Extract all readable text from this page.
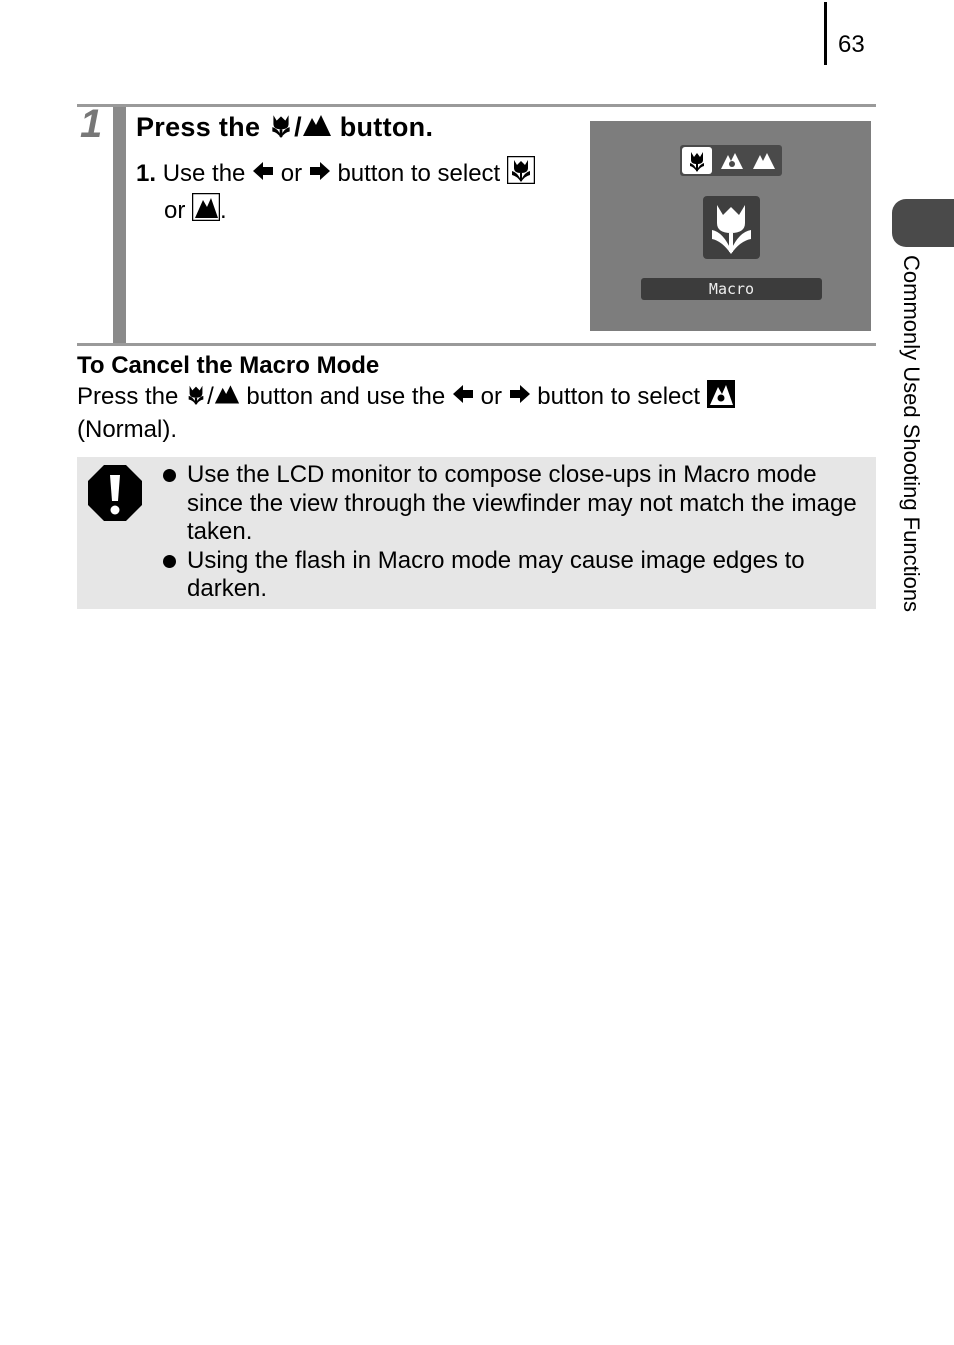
63
Commonly Used Shooting Functions
1 Press the / button.
1. Use the or button to select
or .
Macro
To Cancel the Macro Mode
Press the / button and use the or button to select
(Normal).
Use the LCD monitor to compose close-ups in Macro mode since the view through the viewfinder may not match the image taken.
Using the flash in Macro mode may cause image edges to darken.
